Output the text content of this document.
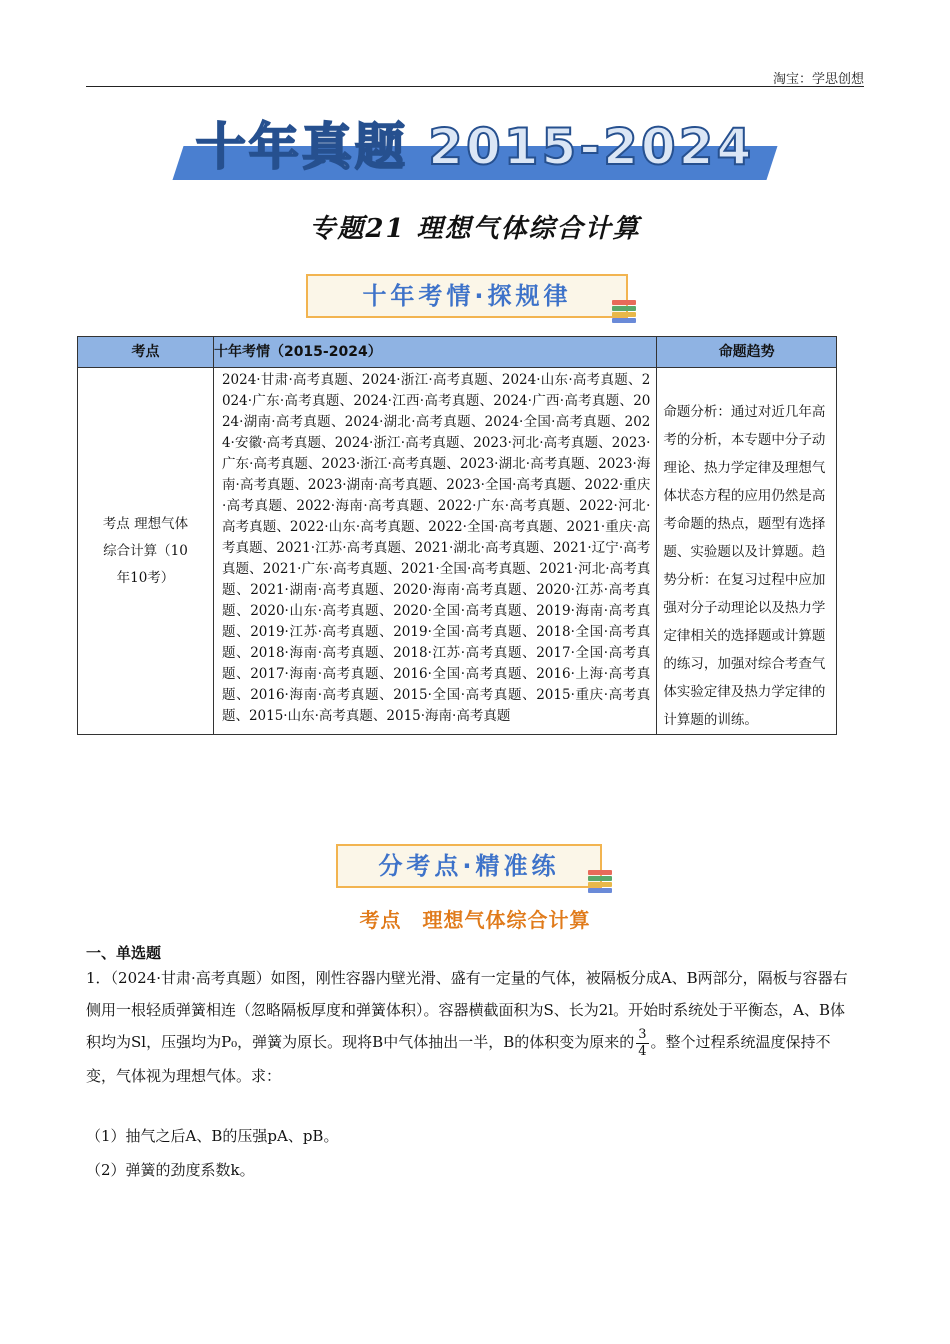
淘宝：学思创想
十年真题 2015-2024
专题21 理想气体综合计算
十年考情·探规律
考点	十年考情（2015-2024）	命题趋势

考点 理想气体综合计算（10年10考）	2024·甘肃·高考真题、2024·浙江·高考真题、2024·山东·高考真题、2024·广东·高考真题、2024·江西·高考真题、2024·广西·高考真题、2024·湖南·高考真题、2024·湖北·高考真题、2024·全国·高考真题、2024·安徽·高考真题、2024·浙江·高考真题、2023·河北·高考真题、2023·广东·高考真题、2023·浙江·高考真题、2023·湖北·高考真题、2023·海南·高考真题、2023·湖南·高考真题、2023·全国·高考真题、2022·重庆·高考真题、2022·海南·高考真题、2022·广东·高考真题、2022·河北·高考真题、2022·山东·高考真题、2022·全国·高考真题、2021·重庆·高考真题、2021·江苏·高考真题、2021·湖北·高考真题、2021·辽宁·高考真题、2021·广东·高考真题、2021·全国·高考真题、2021·河北·高考真题、2021·湖南·高考真题、2020·海南·高考真题、2020·江苏·高考真题、2020·山东·高考真题、2020·全国·高考真题、2019·海南·高考真题、2019·江苏·高考真题、2019·全国·高考真题、2018·全国·高考真题、2018·海南·高考真题、2018·江苏·高考真题、2017·全国·高考真题、2017·海南·高考真题、2016·全国·高考真题、2016·上海·高考真题、2016·海南·高考真题、2015·全国·高考真题、2015·重庆·高考真题、2015·山东·高考真题、2015·海南·高考真题	命题分析：通过对近几年高考的分析，本专题中分子动理论、热力学定律及理想气体状态方程的应用仍然是高考命题的热点，题型有选择题、实验题以及计算题。趋势分析：在复习过程中应加强对分子动理论以及热力学定律相关的选择题或计算题的练习，加强对综合考查气体实验定律及热力学定律的计算题的训练。
分考点·精准练
考点　理想气体综合计算
一、单选题
1．（2024·甘肃·高考真题）如图，刚性容器内壁光滑、盛有一定量的气体，被隔板分成A、B两部分，隔板与容器右侧用一根轻质弹簧相连（忽略隔板厚度和弹簧体积）。容器横截面积为S、长为2l。开始时系统处于平衡态，A、B体积均为Sl，压强均为P₀，弹簧为原长。现将B中气体抽出一半，B的体积变为原来的 $\frac{3}{4}$ 。整个过程系统温度保持不变，气体视为理想气体。求：
（1）抽气之后A、B的压强pA、pB。
（2）弹簧的劲度系数k。
